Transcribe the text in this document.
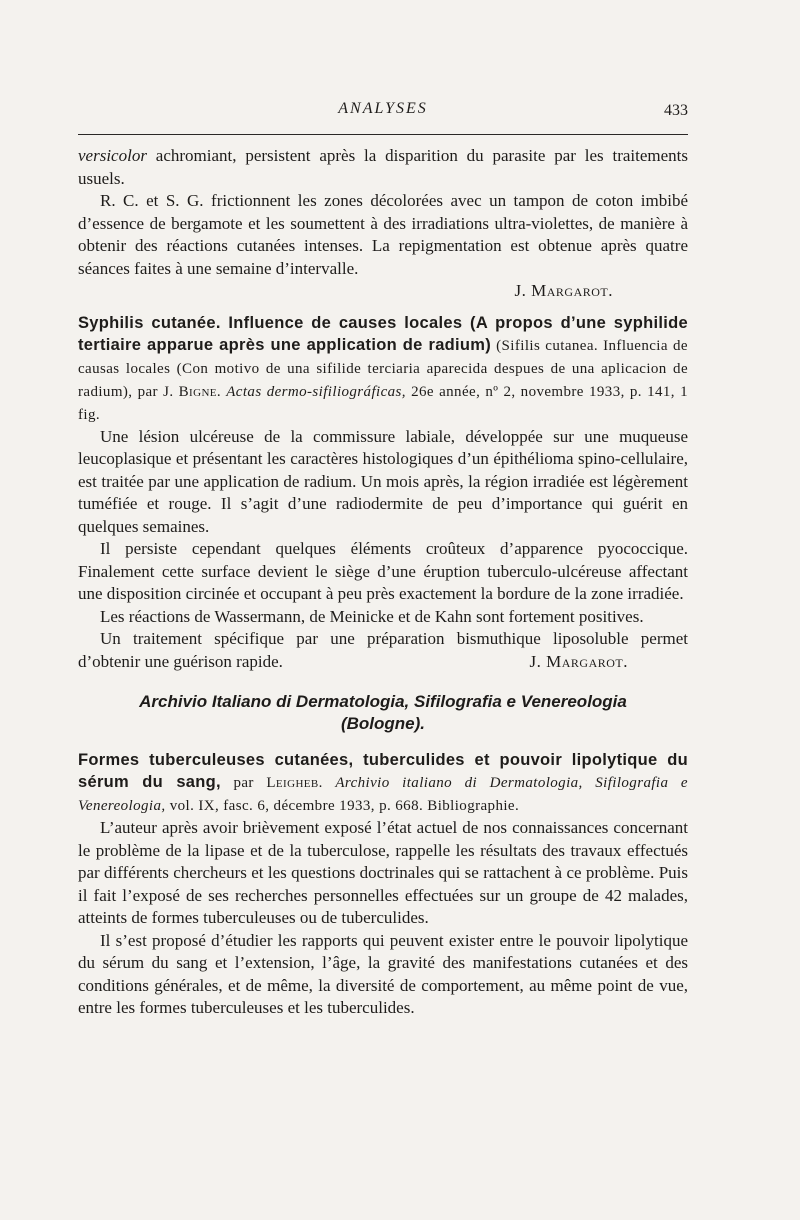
ANALYSES	433

versicolor achromiant, persistent après la disparition du parasite par les traitements usuels.

R. C. et S. G. frictionnent les zones décolorées avec un tampon de coton imbibé d’essence de bergamote et les soumettent à des irradiations ultra-violettes, de manière à obtenir des réactions cutanées intenses. La repigmentation est obtenue après quatre séances faites à une semaine d’intervalle.

J. Margarot.

Syphilis cutanée. Influence de causes locales (A propos d’une syphilide tertiaire apparue après une application de radium) (Sifilis cutanea. Influencia de causas locales (Con motivo de una sifilide terciaria aparecida despues de una aplicacion de radium), par J. Bigne. Actas dermo-sifiliográficas, 26e année, nº 2, novembre 1933, p. 141, 1 fig.

Une lésion ulcéreuse de la commissure labiale, développée sur une muqueuse leucoplasique et présentant les caractères histologiques d’un épithélioma spino-cellulaire, est traitée par une application de radium. Un mois après, la région irradiée est légèrement tuméfiée et rouge. Il s’agit d’une radiodermite de peu d’importance qui guérit en quelques semaines.

Il persiste cependant quelques éléments croûteux d’apparence pyococcique. Finalement cette surface devient le siège d’une éruption tuberculo-ulcéreuse affectant une disposition circinée et occupant à peu près exactement la bordure de la zone irradiée.

Les réactions de Wassermann, de Meinicke et de Kahn sont fortement positives.

Un traitement spécifique par une préparation bismuthique liposoluble permet d’obtenir une guérison rapide.	J. Margarot.

Archivio Italiano di Dermatologia, Sifilografia e Venereologia
(Bologne).

Formes tuberculeuses cutanées, tuberculides et pouvoir lipolytique du sérum du sang, par Leigheb. Archivio italiano di Dermatologia, Sifilografia e Venereologia, vol. IX, fasc. 6, décembre 1933, p. 668. Bibliographie.

L’auteur après avoir brièvement exposé l’état actuel de nos connaissances concernant le problème de la lipase et de la tuberculose, rappelle les résultats des travaux effectués par différents chercheurs et les questions doctrinales qui se rattachent à ce problème. Puis il fait l’exposé de ses recherches personnelles effectuées sur un groupe de 42 malades, atteints de formes tuberculeuses ou de tuberculides.

Il s’est proposé d’étudier les rapports qui peuvent exister entre le pouvoir lipolytique du sérum du sang et l’extension, l’âge, la gravité des manifestations cutanées et des conditions générales, et de même, la diversité de comportement, au même point de vue, entre les formes tuberculeuses et les tuberculides.
